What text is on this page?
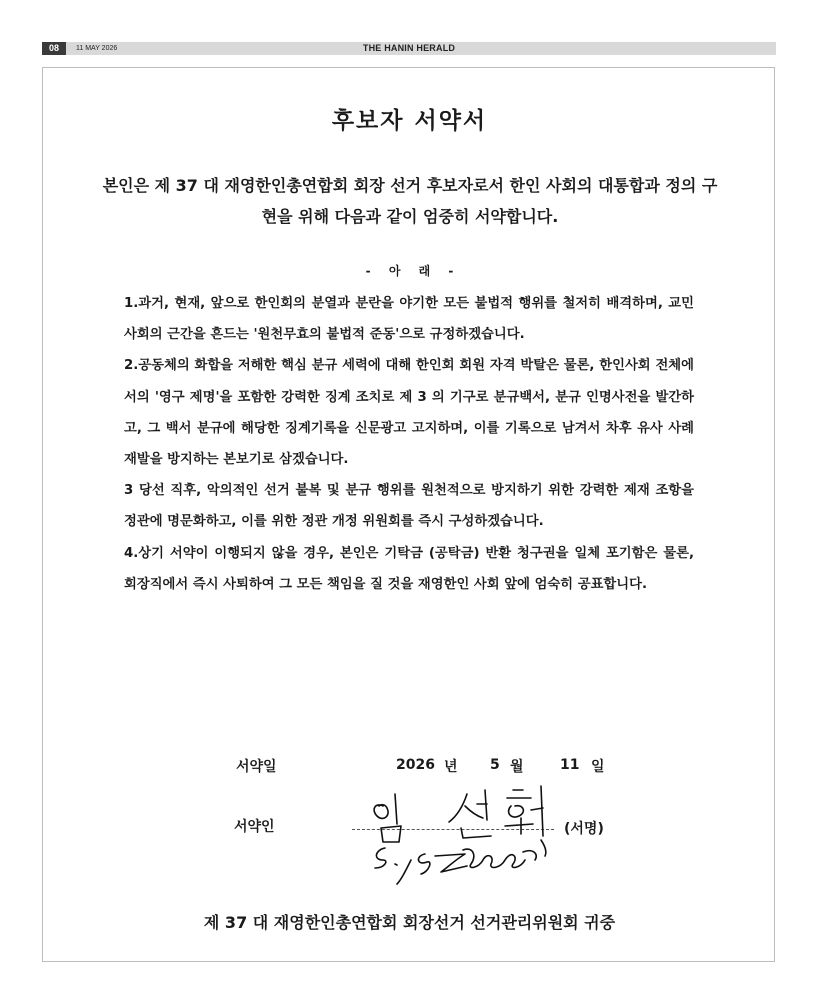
08	11 MAY 2026	THE HANIN HERALD
후보자 서약서
본인은 제 37 대 재영한인총연합회 회장 선거 후보자로서 한인 사회의 대통합과 정의 구현을 위해 다음과 같이 엄중히 서약합니다.
- 아 래 -

1.과거, 현재, 앞으로 한인회의 분열과 분란을 야기한 모든 불법적 행위를 철저히 배격하며, 교민사회의 근간을 흔드는 '원천무효의 불법적 준동'으로 규정하겠습니다.

2.공동체의 화합을 저해한 핵심 분규 세력에 대해 한인회 회원 자격 박탈은 물론, 한인사회 전체에서의 '영구 제명'을 포함한 강력한 징계 조치로 제 3 의 기구로 분규백서, 분규 인명사전을 발간하고, 그 백서 분규에 해당한 징계기록을 신문광고 고지하며, 이를 기록으로 남겨서 차후 유사 사례 재발을 방지하는 본보기로 삼겠습니다.

3 당선 직후, 악의적인 선거 불복 및 분규 행위를 원천적으로 방지하기 위한 강력한 제재 조항을 정관에 명문화하고, 이를 위한 정관 개정 위원회를 즉시 구성하겠습니다.

4.상기 서약이 이행되지 않을 경우, 본인은 기탁금 (공탁금) 반환 청구권을 일체 포기함은 물론, 회장직에서 즉시 사퇴하여 그 모든 책임을 질 것을 재영한인 사회 앞에 엄숙히 공표합니다.

서약일	2026 년 5 월	11 일
서약인	(서명)
제 37 대 재영한인총연합회 회장선거 선거관리위원회 귀중
